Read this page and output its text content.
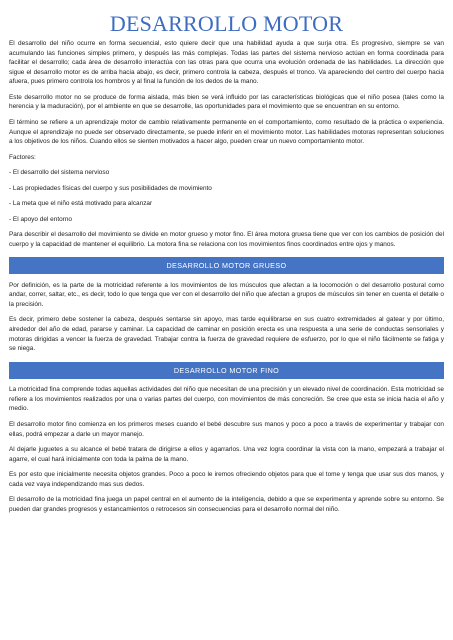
DESARROLLO MOTOR

El desarrollo del niño ocurre en forma secuencial, esto quiere decir que una habilidad ayuda a que surja otra. Es progresivo, siempre se van acumulando las funciones simples primero, y después las más complejas. Todas las partes del sistema nervioso actúan en forma coordinada para facilitar el desarrollo; cada área de desarrollo interactúa con las otras para que ocurra una evolución ordenada de las habilidades. La dirección que sigue el desarrollo motor es de arriba hacia abajo, es decir, primero controla la cabeza, después el tronco. Va apareciendo del centro del cuerpo hacia afuera, pues primero controla los hombros y al final la función de los dedos de la mano.

Este desarrollo motor no se produce de forma aislada, más bien se verá influido por las características biológicas que el niño posea (tales como la herencia y la maduración), por el ambiente en que se desarrolle, las oportunidades para el movimiento que se encuentran en su entorno.

El término se refiere a un aprendizaje motor de cambio relativamente permanente en el comportamiento, como resultado de la práctica o experiencia. Aunque el aprendizaje no puede ser observado directamente, se puede inferir en el movimiento motor. Las habilidades motoras representan soluciones a los objetivos de los niños. Cuando ellos se sienten motivados a hacer algo, pueden crear un nuevo comportamiento motor.

Factores:

- El desarrollo del sistema nervioso

- Las propiedades físicas del cuerpo y sus posibilidades de movimiento

- La meta que el niño está motivado para alcanzar

- El apoyo del entorno

Para describir el desarrollo del movimiento se divide en motor grueso y motor fino. El área motora gruesa tiene que ver con los cambios de posición del cuerpo y la capacidad de mantener el equilibrio. La motora fina se relaciona con los movimientos finos coordinados entre ojos y manos.

DESARROLLO MOTOR GRUESO

Por definición, es la parte de la motricidad referente a los movimientos de los músculos que afectan a la locomoción o del desarrollo postural como andar, correr, saltar, etc., es decir, todo lo que tenga que ver con el desarrollo del niño que afectan a grupos de músculos sin tener en cuenta el detalle o la precisión.

Es decir, primero debe sostener la cabeza, después sentarse sin apoyo, mas tarde equilibrarse en sus cuatro extremidades al gatear y por último, alrededor del año de edad, pararse y caminar. La capacidad de caminar en posición erecta es una respuesta a una serie de conductas sensoriales y motoras dirigidas a vencer la fuerza de gravedad. Trabajar contra la fuerza de gravedad requiere de esfuerzo, por lo que el niño fácilmente se fatiga y se niega.

DESARROLLO MOTOR FINO

La motricidad fina comprende todas aquellas actividades del niño que necesitan de una precisión y un elevado nivel de coordinación. Esta motricidad se refiere a los movimientos realizados por una o varias partes del cuerpo, con movimientos de más concreción. Se cree que esta se inicia hacia el año y medio.

El desarrollo motor fino comienza en los primeros meses cuando el bebé descubre sus manos y poco a poco a través de experimentar y trabajar con ellas, podrá empezar a darle un mayor manejo.

Al dejarle juguetes a su alcance el bebé tratara de dirigirse a ellos y agarrarlos. Una vez logra coordinar la vista con la mano, empezará a trabajar el agarre, el cual hará inicialmente con toda la palma de la mano.

Es por esto que inicialmente necesita objetos grandes. Poco a poco le iremos ofreciendo objetos para que el tome y tenga que usar sus dos manos, y cada vez vaya independizando mas sus dedos.

El desarrollo de la motricidad fina juega un papel central en el aumento de la inteligencia, debido a que se experimenta y aprende sobre su entorno. Se pueden dar grandes progresos y estancamientos o retrocesos sin consecuencias para el desarrollo normal del niño.
